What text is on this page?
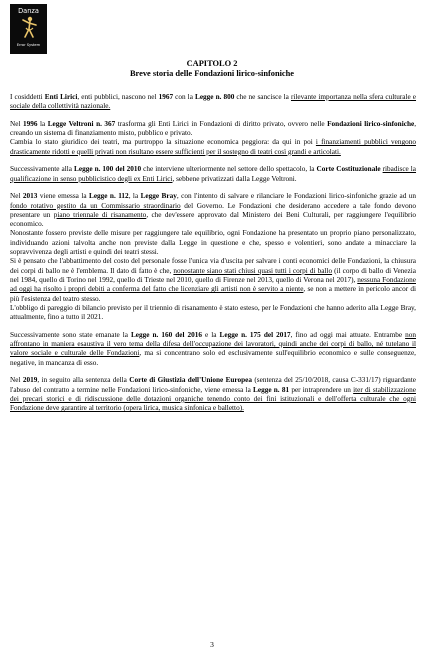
Danza
Error System
CAPITOLO 2
Breve storia delle Fondazioni lirico-sinfoniche

I cosiddetti Enti Lirici, enti pubblici, nascono nel 1967 con la Legge n. 800 che ne sancisce la rilevante importanza nella sfera culturale e sociale della collettività nazionale.

Nel 1996 la Legge Veltroni n. 367 trasforma gli Enti Lirici in Fondazioni di diritto privato, ovvero nelle Fondazioni lirico-sinfoniche, creando un sistema di finanziamento misto, pubblico e privato.

Cambia lo stato giuridico dei teatri, ma purtroppo la situazione economica peggiora: da qui in poi i finanziamenti pubblici vengono drasticamente ridotti e quelli privati non risultano essere sufficienti per il sostegno di teatri così grandi e articolati.

Successivamente alla Legge n. 100 del 2010 che interviene ulteriormente nel settore dello spettacolo, la Corte Costituzionale ribadisce la qualificazione in senso pubblicistico degli ex Enti Lirici, sebbene privatizzati dalla Legge Veltroni.

Nel 2013 viene emessa la Legge n. 112, la Legge Bray, con l'intento di salvare e rilanciare le Fondazioni lirico-sinfoniche grazie ad un fondo rotativo gestito da un Commissario straordinario del Governo. Le Fondazioni che desiderano accedere a tale fondo devono presentare un piano triennale di risanamento, che dev'essere approvato dal Ministero dei Beni Culturali, per raggiungere l'equilibrio economico.

Nonostante fossero previste delle misure per raggiungere tale equilibrio, ogni Fondazione ha presentato un proprio piano personalizzato, individuando azioni talvolta anche non previste dalla Legge in questione e che, spesso e volentieri, sono andate a minacciare la sopravvivenza degli artisti e quindi dei teatri stessi.

Si è pensato che l'abbattimento del costo del personale fosse l'unica via d'uscita per salvare i conti economici delle Fondazioni, la chiusura dei corpi di ballo ne è l'emblema. Il dato di fatto è che, nonostante siano stati chiusi quasi tutti i corpi di ballo (il corpo di ballo di Venezia nel 1984, quello di Torino nel 1992, quello di Trieste nel 2010, quello di Firenze nel 2013, quello di Verona nel 2017), nessuna Fondazione ad oggi ha risolto i propri debiti a conferma del fatto che licenziare gli artisti non è servito a niente, se non a mettere in pericolo ancor di più l'esistenza del teatro stesso.

L'obbligo di pareggio di bilancio previsto per il triennio di risanamento è stato esteso, per le Fondazioni che hanno aderito alla Legge Bray, attualmente, fino a tutto il 2021.

Successivamente sono state emanate la Legge n. 160 del 2016 e la Legge n. 175 del 2017, fino ad oggi mai attuate. Entrambe non affrontano in maniera esaustiva il vero tema della difesa dell'occupazione dei lavoratori, quindi anche dei corpi di ballo, né tutelano il valore sociale e culturale delle Fondazioni, ma si concentrano solo ed esclusivamente sull'equilibrio economico e sulle conseguenze, negative, in mancanza di esso.

Nel 2019, in seguito alla sentenza della Corte di Giustizia dell'Unione Europea (sentenza del 25/10/2018, causa C-331/17) riguardante l'abuso del contratto a termine nelle Fondazioni lirico-sinfoniche, viene emessa la Legge n. 81 per intraprendere un iter di stabilizzazione dei precari storici e di ridiscussione delle dotazioni organiche tenendo conto dei fini istituzionali e dell'offerta culturale che ogni Fondazione deve garantire al territorio (opera lirica, musica sinfonica e balletto).

3
